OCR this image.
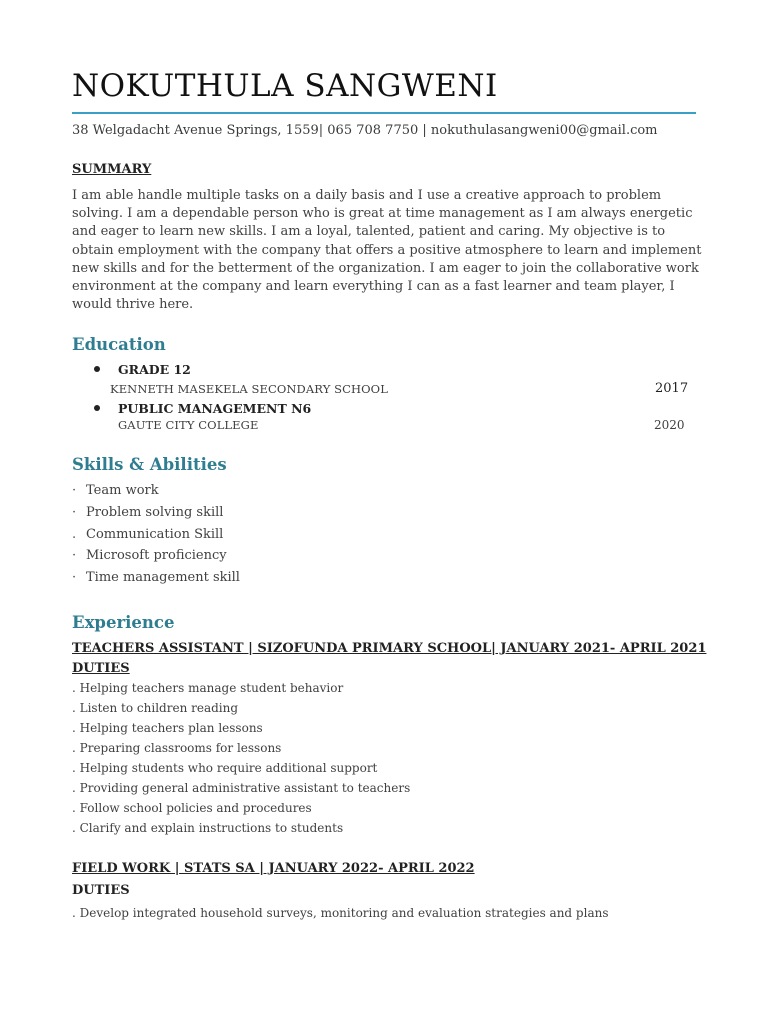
NOKUTHULA SANGWENI
38 Welgadacht Avenue Springs, 1559| 065 708 7750 | nokuthulasangweni00@gmail.com
SUMMARY

I am able handle multiple tasks on a daily basis and I use a creative approach to problem solving. I am a dependable person who is great at time management as I am always energetic and eager to learn new skills. I am a loyal, talented, patient and caring. My objective is to obtain employment with the company that offers a positive atmosphere to learn and implement new skills and for the betterment of the organization. I am eager to join the collaborative work environment at the company and learn everything I can as a fast learner and team player, I would thrive here.

Education
GRADE 12
KENNETH MASEKELA SECONDARY SCHOOL	2017
PUBLIC MANAGEMENT N6
GAUTE CITY COLLEGE	2020
Skills & Abilities
· Team work
· Problem solving skill
. Communication Skill
· Microsoft proficiency
· Time management skill
Experience
TEACHERS ASSISTANT | SIZOFUNDA PRIMARY SCHOOL| JANUARY 2021- APRIL 2021
DUTIES
. Helping teachers manage student behavior
. Listen to children reading
. Helping teachers plan lessons
. Preparing classrooms for lessons
. Helping students who require additional support
. Providing general administrative assistant to teachers
. Follow school policies and procedures
. Clarify and explain instructions to students
FIELD WORK | STATS SA | JANUARY 2022- APRIL 2022
DUTIES
. Develop integrated household surveys, monitoring and evaluation strategies and plans
